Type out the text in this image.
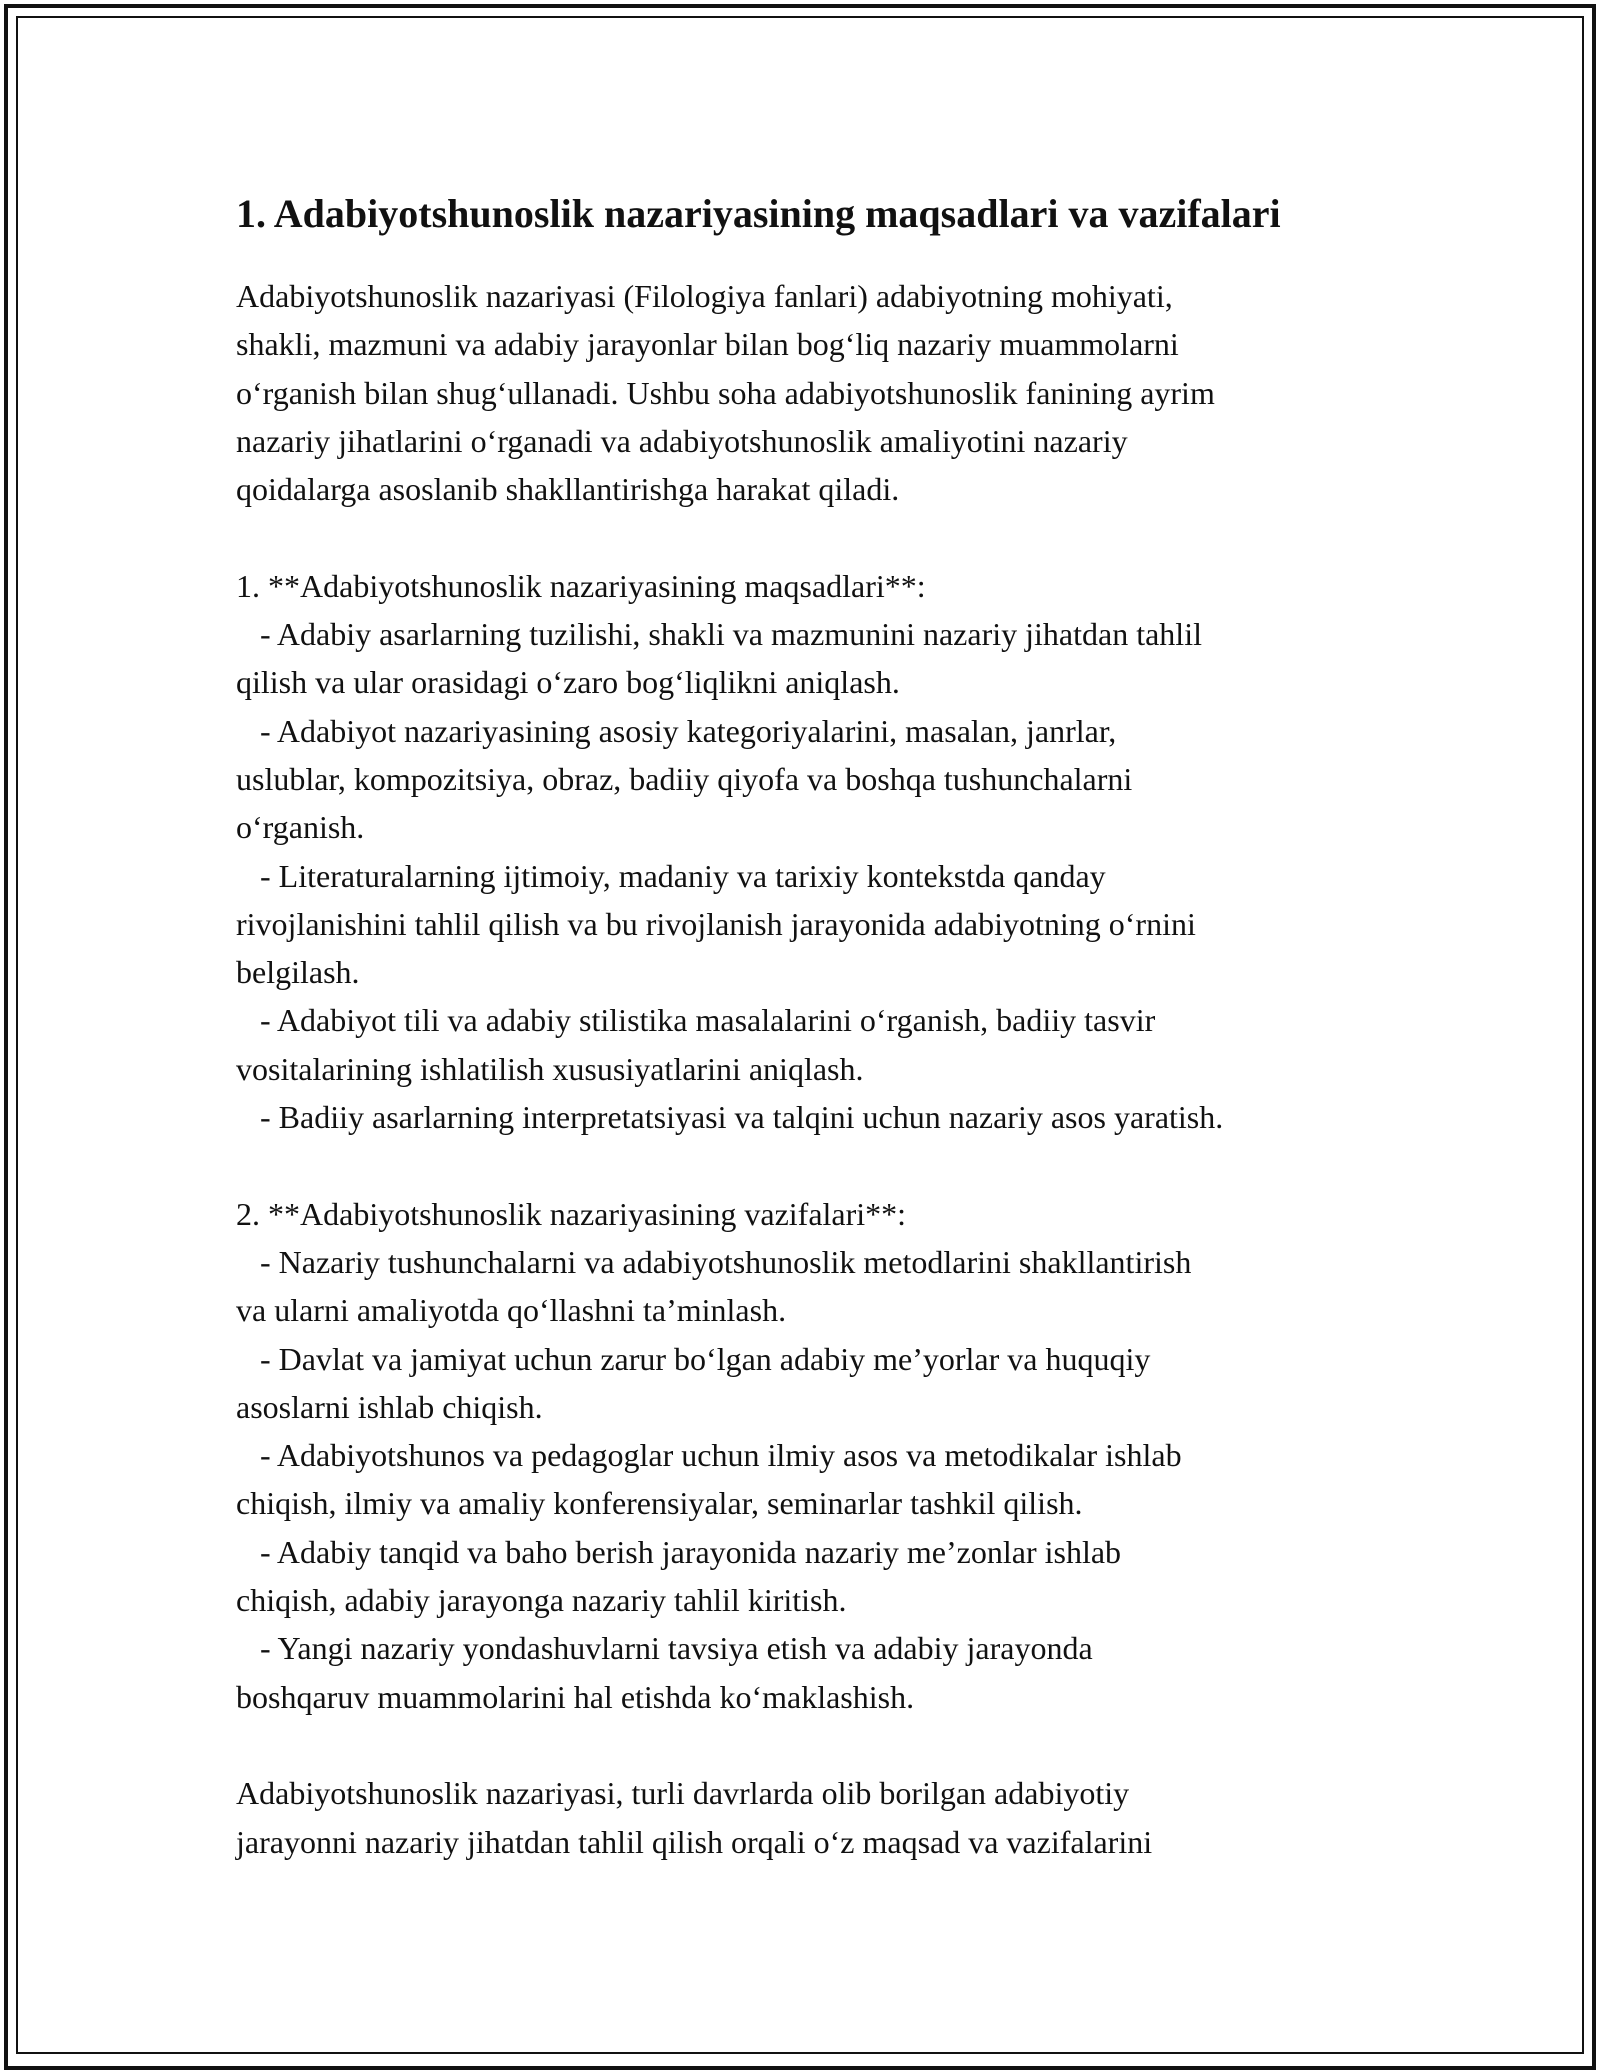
1. Adabiyotshunoslik nazariyasining maqsadlari va vazifalari

Adabiyotshunoslik nazariyasi (Filologiya fanlari) adabiyotning mohiyati,

shakli, mazmuni va adabiy jarayonlar bilan bog‘liq nazariy muammolarni

o‘rganish bilan shug‘ullanadi. Ushbu soha adabiyotshunoslik fanining ayrim

nazariy jihatlarini o‘rganadi va adabiyotshunoslik amaliyotini nazariy

qoidalarga asoslanib shakllantirishga harakat qiladi.

1. **Adabiyotshunoslik nazariyasining maqsadlari**:

- Adabiy asarlarning tuzilishi, shakli va mazmunini nazariy jihatdan tahlil

qilish va ular orasidagi o‘zaro bog‘liqlikni aniqlash.

- Adabiyot nazariyasining asosiy kategoriyalarini, masalan, janrlar,

uslublar, kompozitsiya, obraz, badiiy qiyofa va boshqa tushunchalarni

o‘rganish.

- Literaturalarning ijtimoiy, madaniy va tarixiy kontekstda qanday

rivojlanishini tahlil qilish va bu rivojlanish jarayonida adabiyotning o‘rnini

belgilash.

- Adabiyot tili va adabiy stilistika masalalarini o‘rganish, badiiy tasvir

vositalarining ishlatilish xususiyatlarini aniqlash.

- Badiiy asarlarning interpretatsiyasi va talqini uchun nazariy asos yaratish.

2. **Adabiyotshunoslik nazariyasining vazifalari**:

- Nazariy tushunchalarni va adabiyotshunoslik metodlarini shakllantirish

va ularni amaliyotda qo‘llashni ta’minlash.

- Davlat va jamiyat uchun zarur bo‘lgan adabiy me’yorlar va huquqiy

asoslarni ishlab chiqish.

- Adabiyotshunos va pedagoglar uchun ilmiy asos va metodikalar ishlab

chiqish, ilmiy va amaliy konferensiyalar, seminarlar tashkil qilish.

- Adabiy tanqid va baho berish jarayonida nazariy me’zonlar ishlab

chiqish, adabiy jarayonga nazariy tahlil kiritish.

- Yangi nazariy yondashuvlarni tavsiya etish va adabiy jarayonda

boshqaruv muammolarini hal etishda ko‘maklashish.

Adabiyotshunoslik nazariyasi, turli davrlarda olib borilgan adabiyotiy

jarayonni nazariy jihatdan tahlil qilish orqali o‘z maqsad va vazifalarini
